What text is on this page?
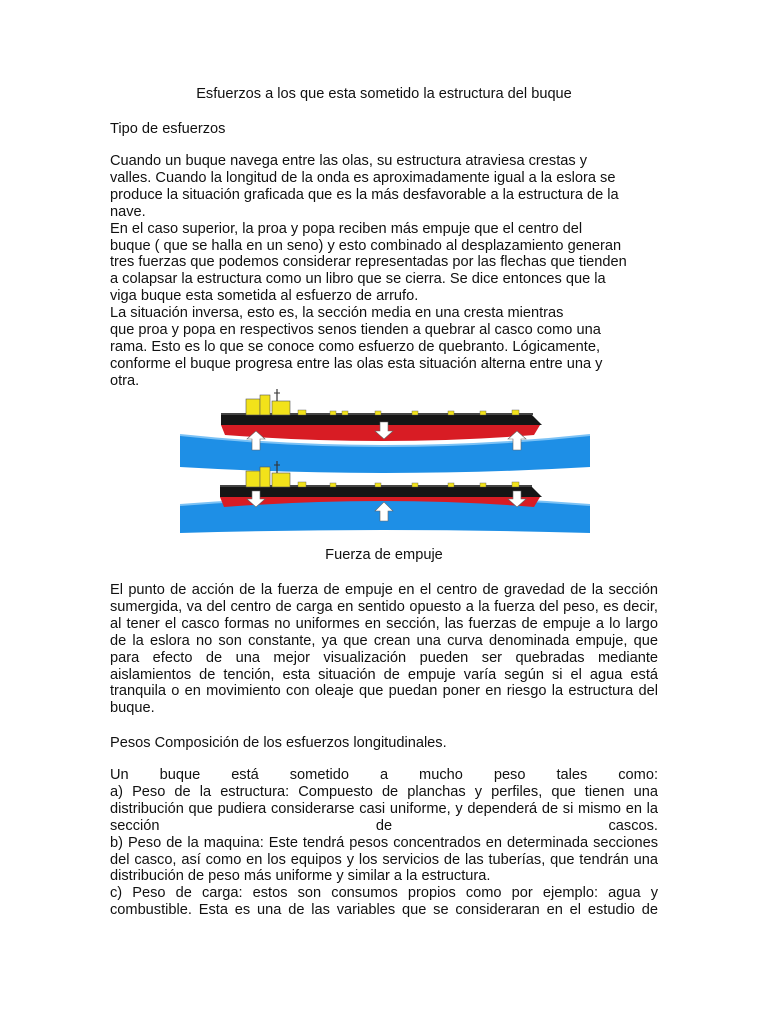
Esfuerzos a los que esta sometido la estructura del buque
Tipo de esfuerzos

Cuando un buque navega entre las olas, su estructura atraviesa crestas y

valles. Cuando la longitud de la onda es aproximadamente igual a la eslora se

produce la situación graficada que es la más desfavorable a la estructura de la

nave.

En el caso superior, la proa y popa reciben más empuje que el centro del

buque ( que se halla en un seno) y esto combinado al desplazamiento generan

tres fuerzas que podemos considerar representadas por las flechas que tienden

a colapsar la estructura como un libro que se cierra. Se dice entonces que la

viga buque esta sometida al esfuerzo de arrufo.

La situación inversa, esto es, la sección media en una cresta mientras

que proa y popa en respectivos senos tienden a quebrar al casco como una

rama. Esto es lo que se conoce como esfuerzo de quebranto. Lógicamente,

conforme el buque progresa entre las olas esta situación alterna entre una y

otra.

Fuerza de empuje
El punto de acción de la fuerza de empuje en el centro de gravedad de la sección sumergida, va del centro de carga en sentido opuesto a la fuerza del peso, es decir, al tener el casco formas no uniformes en sección, las fuerzas de empuje a lo largo de la eslora no son constante, ya que crean una curva denominada empuje, que para efecto de una mejor visualización pueden ser quebradas mediante aislamientos de tención, esta situación de empuje varía según si el agua está tranquila o en movimiento con oleaje que puedan poner en riesgo la estructura del buque.
Pesos Composición de los esfuerzos longitudinales.

Un buque está sometido a mucho peso tales como:

a) Peso de la estructura: Compuesto de planchas y perfiles, que tienen una distribución que pudiera considerarse casi uniforme, y dependerá de si mismo en la sección de cascos.

b) Peso de la maquina: Este tendrá pesos concentrados en determinada secciones del casco, así como en los equipos y los servicios de las tuberías, que tendrán una distribución de peso más uniforme y similar a la estructura.

c) Peso de carga: estos son consumos propios como por ejemplo: agua y combustible. Esta es una de las variables que se consideraran en el estudio de
